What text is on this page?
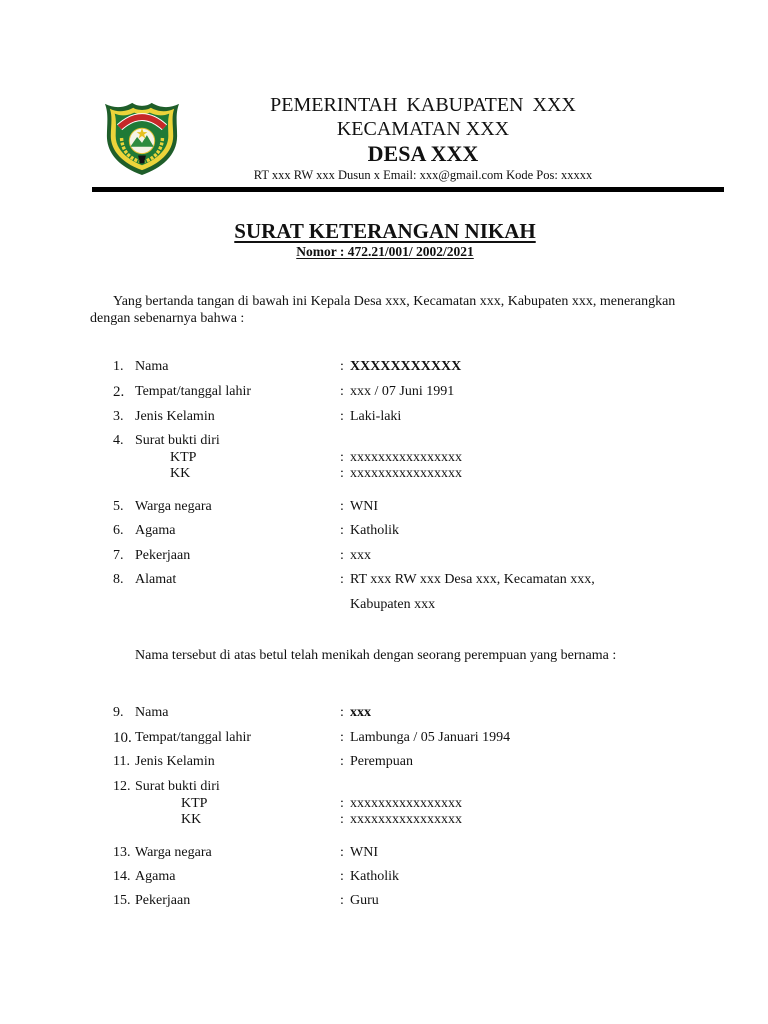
PEMERINTAH KABUPATEN XXX
KECAMATAN XXX
DESA XXX
RT xxx RW xxx Dusun x Email: xxx@gmail.com Kode Pos: xxxxx
SURAT KETERANGAN NIKAH
Nomor : 472.21/001/ 2002/2021
Yang bertanda tangan di bawah ini Kepala Desa xxx, Kecamatan xxx, Kabupaten xxx, menerangkan
dengan sebenarnya bahwa :
1. Nama	: XXXXXXXXXXX
2. Tempat/tanggal lahir	: xxx / 07 Juni 1991
3. Jenis Kelamin	: Laki-laki
4. Surat bukti diri
KTP	: xxxxxxxxxxxxxxxx
KK	: xxxxxxxxxxxxxxxx
5. Warga negara	: WNI
6. Agama	: Katholik
7. Pekerjaan	: xxx
8. Alamat	: RT xxx RW xxx Desa xxx, Kecamatan xxx,
Kabupaten xxx
Nama tersebut di atas betul telah menikah dengan seorang perempuan yang bernama :
9. Nama	: xxx
10. Tempat/tanggal lahir	: Lambunga / 05 Januari 1994
11. Jenis Kelamin	: Perempuan
12. Surat bukti diri
KTP	: xxxxxxxxxxxxxxxx
KK	: xxxxxxxxxxxxxxxx
13. Warga negara	: WNI
14. Agama	: Katholik
15. Pekerjaan	: Guru
